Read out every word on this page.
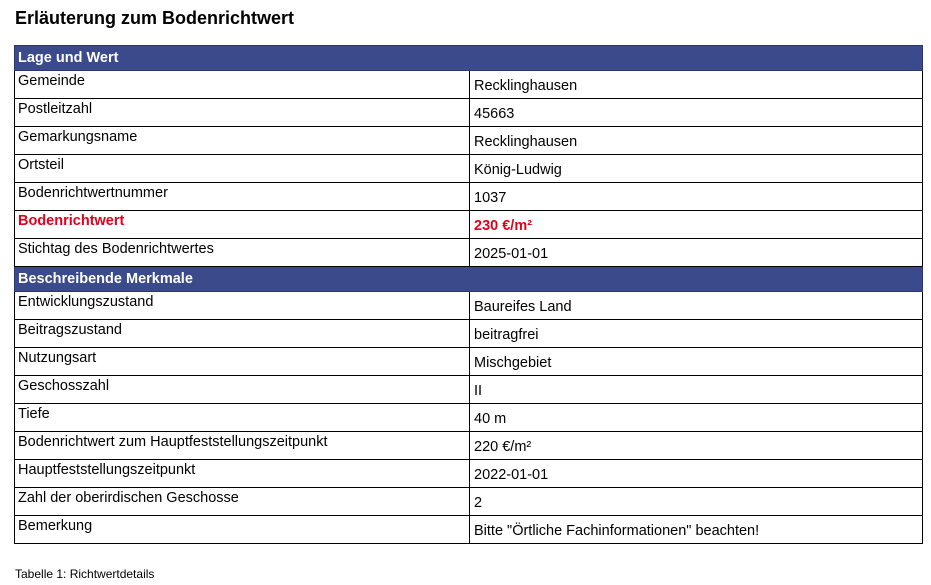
Erläuterung zum Bodenrichtwert
Lage und Wert	
Gemeinde	Recklinghausen
Postleitzahl	45663
Gemarkungsname	Recklinghausen
Ortsteil	König-Ludwig
Bodenrichtwertnummer	1037
Bodenrichtwert	230 €/m²
Stichtag des Bodenrichtwertes	2025-01-01
Beschreibende Merkmale	
Entwicklungszustand	Baureifes Land
Beitragszustand	beitragfrei
Nutzungsart	Mischgebiet
Geschosszahl	II
Tiefe	40 m
Bodenrichtwert zum Hauptfeststellungszeitpunkt	220 €/m²
Hauptfeststellungszeitpunkt	2022-01-01
Zahl der oberirdischen Geschosse	2
Bemerkung	Bitte "Örtliche Fachinformationen" beachten!
Tabelle 1: Richtwertdetails
